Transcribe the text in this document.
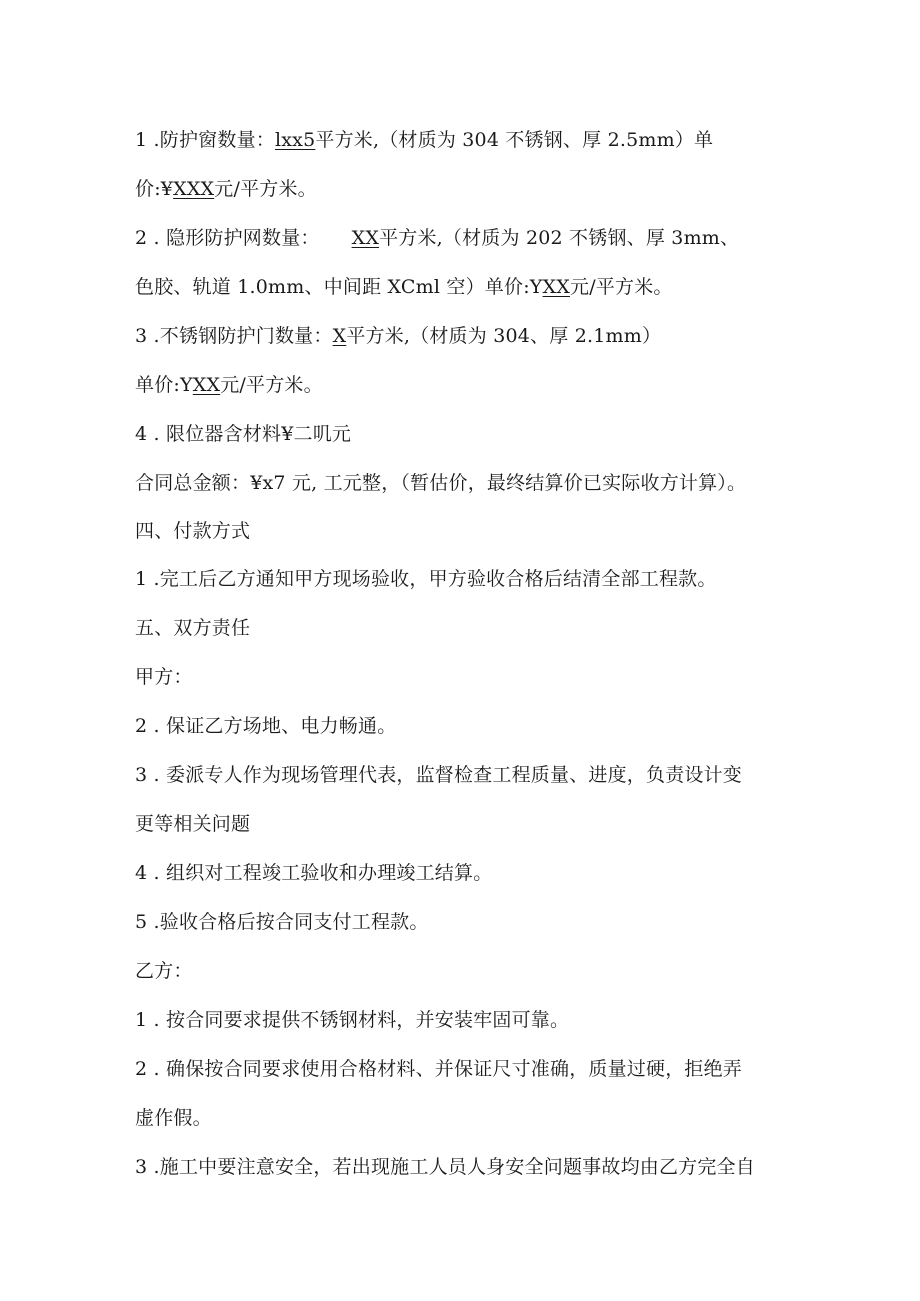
1 .防护窗数量：lxx5平方米,（材质为 304 不锈钢、厚 2.5mm）单
价:¥XXX元/平方米。
2 . 隐形防护网数量： XX平方米,（材质为 202 不锈钢、厚 3mm、
色胶、轨道 1.0mm、中间距 XCml 空）单价:YXX元/平方米。
3 .不锈钢防护门数量：X平方米,（材质为 304、厚 2.1mm）
单价:YXX元/平方米。
4 . 限位器含材料¥二叽元
合同总金额：¥x7 元, 工元整，（暂估价，最终结算价已实际收方计算）。
四、付款方式
1 .完工后乙方通知甲方现场验收，甲方验收合格后结清全部工程款。
五、双方责任
甲方：
2 . 保证乙方场地、电力畅通。
3 . 委派专人作为现场管理代表，监督检查工程质量、进度，负责设计变
更等相关问题
4 . 组织对工程竣工验收和办理竣工结算。
5 .验收合格后按合同支付工程款。
乙方：
1 . 按合同要求提供不锈钢材料，并安装牢固可靠。
2 . 确保按合同要求使用合格材料、并保证尺寸准确，质量过硬，拒绝弄
虚作假。
3 .施工中要注意安全，若出现施工人员人身安全问题事故均由乙方完全自
